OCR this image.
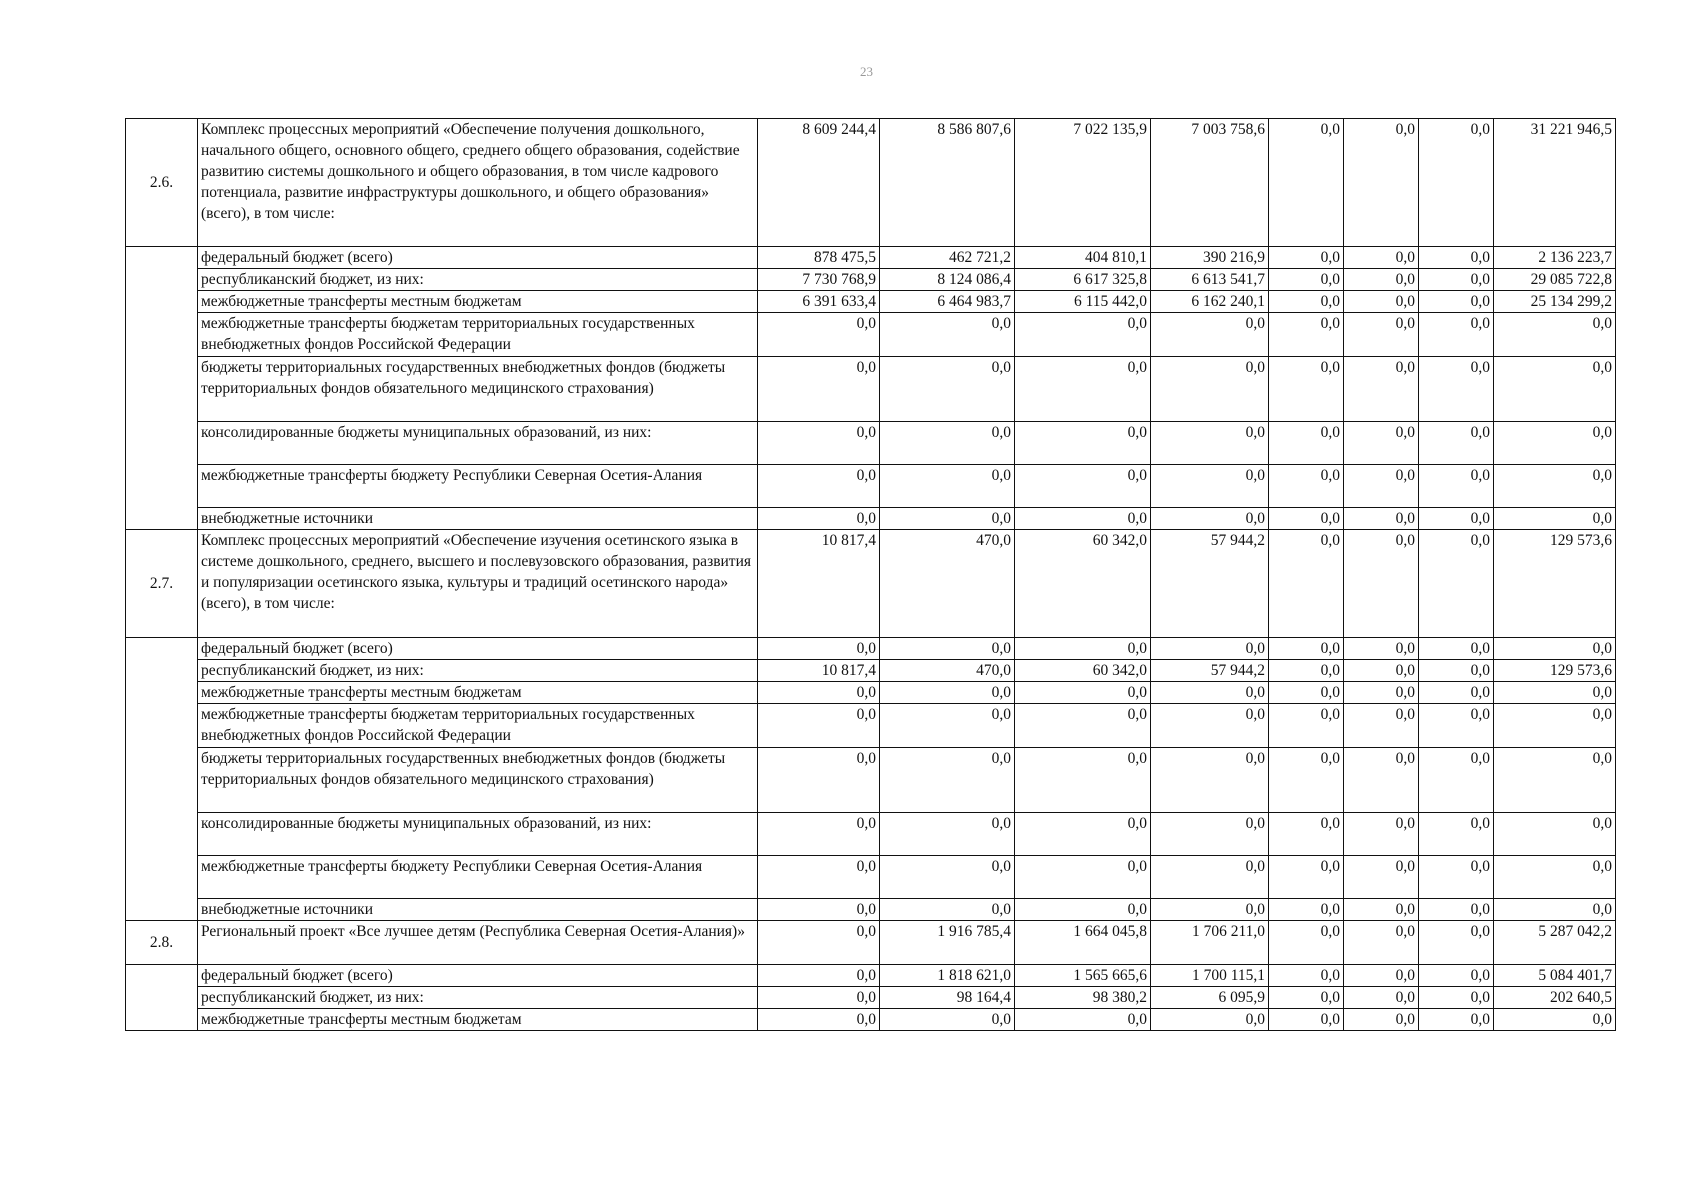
23
2.6.	Комплекс процессных мероприятий «Обеспечение получения дошкольного, начального общего, основного общего, среднего общего образования, содействие развитию системы дошкольного и общего образования, в том числе кадрового потенциала, развитие инфраструктуры дошкольного, и общего образования» (всего), в том числе:	8 609 244,4	8 586 807,6	7 022 135,9	7 003 758,6	0,0	0,0	0,0	31 221 946,5
	федеральный бюджет (всего)	878 475,5	462 721,2	404 810,1	390 216,9	0,0	0,0	0,0	2 136 223,7
	республиканский бюджет, из них:	7 730 768,9	8 124 086,4	6 617 325,8	6 613 541,7	0,0	0,0	0,0	29 085 722,8
	межбюджетные трансферты местным бюджетам	6 391 633,4	6 464 983,7	6 115 442,0	6 162 240,1	0,0	0,0	0,0	25 134 299,2
	межбюджетные трансферты бюджетам территориальных государственных внебюджетных фондов Российской Федерации	0,0	0,0	0,0	0,0	0,0	0,0	0,0	0,0
	бюджеты территориальных государственных внебюджетных фондов (бюджеты территориальных фондов обязательного медицинского страхования)	0,0	0,0	0,0	0,0	0,0	0,0	0,0	0,0
	консолидированные бюджеты муниципальных образований, из них:	0,0	0,0	0,0	0,0	0,0	0,0	0,0	0,0
	межбюджетные трансферты бюджету Республики Северная Осетия-Алания	0,0	0,0	0,0	0,0	0,0	0,0	0,0	0,0
	внебюджетные источники	0,0	0,0	0,0	0,0	0,0	0,0	0,0	0,0
2.7.	Комплекс процессных мероприятий «Обеспечение изучения осетинского языка в системе дошкольного, среднего, высшего и послевузовского образования, развития и популяризации осетинского языка, культуры и традиций осетинского народа» (всего), в том числе:	10 817,4	470,0	60 342,0	57 944,2	0,0	0,0	0,0	129 573,6
	федеральный бюджет (всего)	0,0	0,0	0,0	0,0	0,0	0,0	0,0	0,0
	республиканский бюджет, из них:	10 817,4	470,0	60 342,0	57 944,2	0,0	0,0	0,0	129 573,6
	межбюджетные трансферты местным бюджетам	0,0	0,0	0,0	0,0	0,0	0,0	0,0	0,0
	межбюджетные трансферты бюджетам территориальных государственных внебюджетных фондов Российской Федерации	0,0	0,0	0,0	0,0	0,0	0,0	0,0	0,0
	бюджеты территориальных государственных внебюджетных фондов (бюджеты территориальных фондов обязательного медицинского страхования)	0,0	0,0	0,0	0,0	0,0	0,0	0,0	0,0
	консолидированные бюджеты муниципальных образований, из них:	0,0	0,0	0,0	0,0	0,0	0,0	0,0	0,0
	межбюджетные трансферты бюджету Республики Северная Осетия-Алания	0,0	0,0	0,0	0,0	0,0	0,0	0,0	0,0
	внебюджетные источники	0,0	0,0	0,0	0,0	0,0	0,0	0,0	0,0
2.8.	Региональный проект «Все лучшее детям (Республика Северная Осетия-Алания)»	0,0	1 916 785,4	1 664 045,8	1 706 211,0	0,0	0,0	0,0	5 287 042,2
	федеральный бюджет (всего)	0,0	1 818 621,0	1 565 665,6	1 700 115,1	0,0	0,0	0,0	5 084 401,7
	республиканский бюджет, из них:	0,0	98 164,4	98 380,2	6 095,9	0,0	0,0	0,0	202 640,5
	межбюджетные трансферты местным бюджетам	0,0	0,0	0,0	0,0	0,0	0,0	0,0	0,0
